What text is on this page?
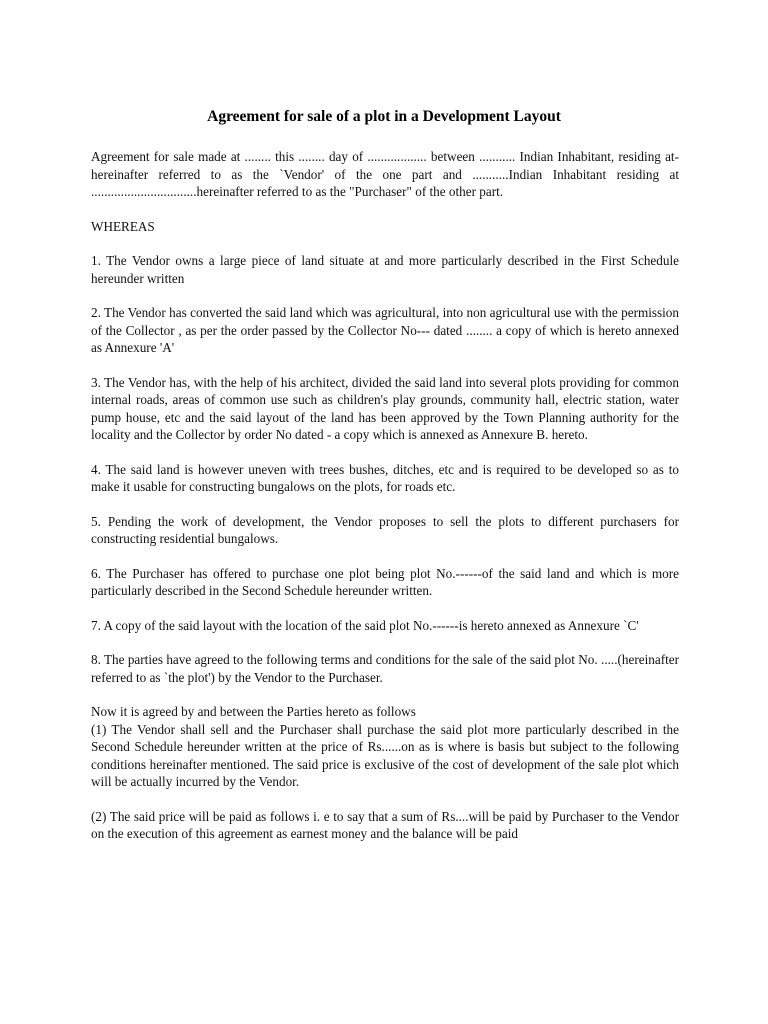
Agreement for sale of a plot in a Development Layout

Agreement for sale made at ........ this ........ day of .................. between ........... Indian Inhabitant, residing at- hereinafter referred to as the `Vendor' of the one part and ...........Indian Inhabitant residing at ................................hereinafter referred to as the "Purchaser" of the other part.

WHEREAS

1. The Vendor owns a large piece of land situate at and more particularly described in the First Schedule hereunder written

2. The Vendor has converted the said land which was agricultural, into non agricultural use with the permission of the Collector , as per the order passed by the Collector No--- dated ........ a copy of which is hereto annexed as Annexure 'A'

3. The Vendor has, with the help of his architect, divided the said land into several plots providing for common internal roads, areas of common use such as children's play grounds, community hall, electric station, water pump house, etc and the said layout of the land has been approved by the Town Planning authority for the locality and the Collector by order No dated - a copy which is annexed as Annexure B. hereto.

4. The said land is however uneven with trees bushes, ditches, etc and is required to be developed so as to make it usable for constructing bungalows on the plots, for roads etc.

5. Pending the work of development, the Vendor proposes to sell the plots to different purchasers for constructing residential bungalows.

6. The Purchaser has offered to purchase one plot being plot No.------of the said land and which is more particularly described in the Second Schedule hereunder written.

7. A copy of the said layout with the location of the said plot No.------is hereto annexed as Annexure `C'

8. The parties have agreed to the following terms and conditions for the sale of the said plot No. .....(hereinafter referred to as `the plot') by the Vendor to the Purchaser.

Now it is agreed by and between the Parties hereto as follows

(1) The Vendor shall sell and the Purchaser shall purchase the said plot more particularly described in the Second Schedule hereunder written at the price of Rs......on as is where is basis but subject to the following conditions hereinafter mentioned. The said price is exclusive of the cost of development of the sale plot which will be actually incurred by the Vendor.

(2) The said price will be paid as follows i. e to say that a sum of Rs....will be paid by Purchaser to the Vendor on the execution of this agreement as earnest money and the balance will be paid
